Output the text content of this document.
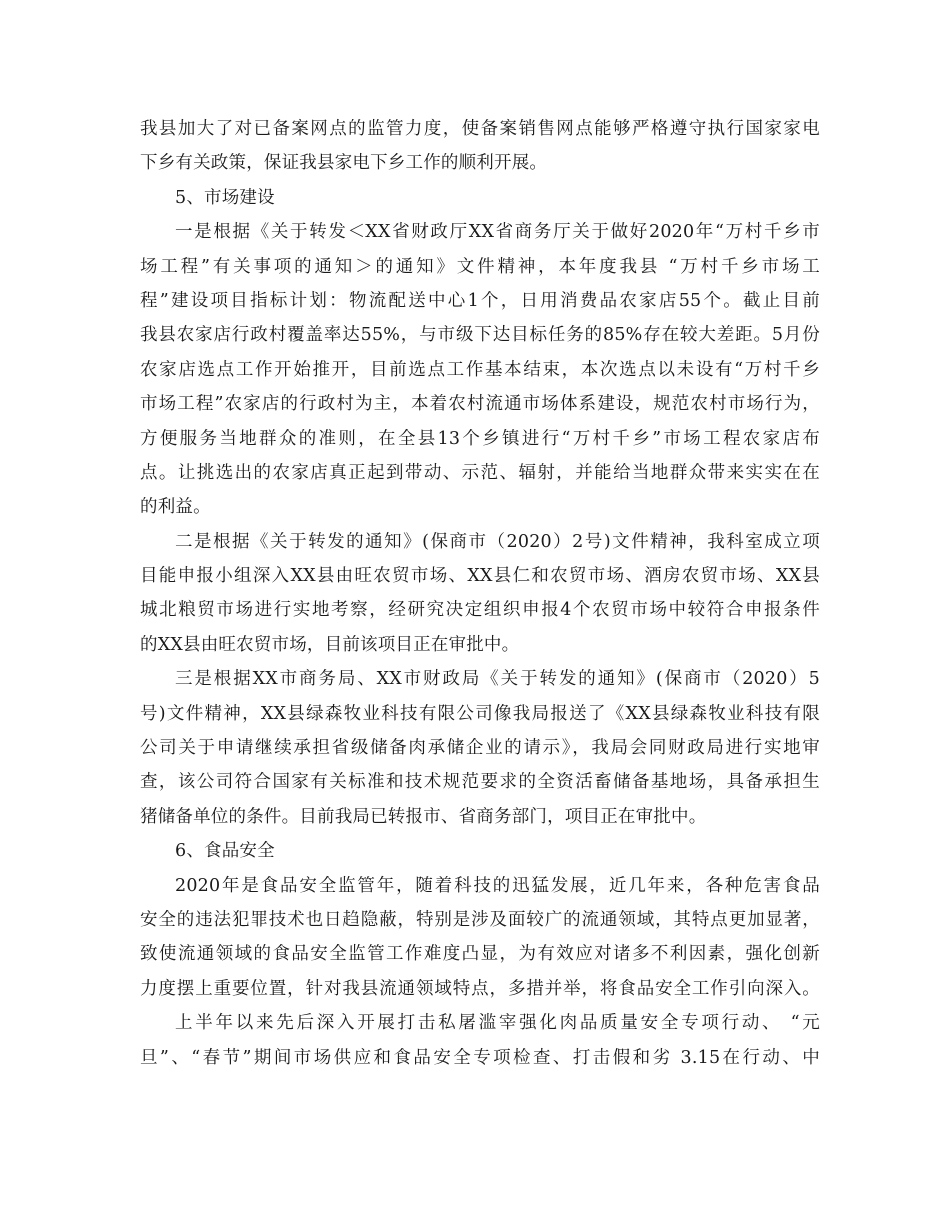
我县加大了对已备案网点的监管力度，使备案销售网点能够严格遵守执行国家家电
下乡有关政策，保证我县家电下乡工作的顺利开展。
5、市场建设
一是根据《关于转发＜XX省财政厅XX省商务厅关于做好2020年“万村千乡市
场工程”有关事项的通知＞的通知》文件精神，本年度我县 “万村千乡市场工
程”建设项目指标计划：物流配送中心1个，日用消费品农家店55个。截止目前
我县农家店行政村覆盖率达55%，与市级下达目标任务的85%存在较大差距。5月份
农家店选点工作开始推开，目前选点工作基本结束，本次选点以未设有“万村千乡
市场工程”农家店的行政村为主，本着农村流通市场体系建设，规范农村市场行为，
方便服务当地群众的准则，在全县13个乡镇进行“万村千乡”市场工程农家店布
点。让挑选出的农家店真正起到带动、示范、辐射，并能给当地群众带来实实在在
的利益。
二是根据《关于转发的通知》(保商市（2020）2号)文件精神，我科室成立项
目能申报小组深入XX县由旺农贸市场、XX县仁和农贸市场、酒房农贸市场、XX县
城北粮贸市场进行实地考察，经研究决定组织申报4个农贸市场中较符合申报条件
的XX县由旺农贸市场，目前该项目正在审批中。
三是根据XX市商务局、XX市财政局《关于转发的通知》(保商市（2020）5
号)文件精神，XX县绿森牧业科技有限公司像我局报送了《XX县绿森牧业科技有限
公司关于申请继续承担省级储备肉承储企业的请示》，我局会同财政局进行实地审
查，该公司符合国家有关标准和技术规范要求的全资活畜储备基地场，具备承担生
猪储备单位的条件。目前我局已转报市、省商务部门，项目正在审批中。
6、食品安全
2020年是食品安全监管年，随着科技的迅猛发展，近几年来，各种危害食品
安全的违法犯罪技术也日趋隐蔽，特别是涉及面较广的流通领域，其特点更加显著，
致使流通领域的食品安全监管工作难度凸显，为有效应对诸多不利因素，强化创新
力度摆上重要位置，针对我县流通领域特点，多措并举，将食品安全工作引向深入。
上半年以来先后深入开展打击私屠滥宰强化肉品质量安全专项行动、 “元
旦”、“春节”期间市场供应和食品安全专项检查、打击假和劣 3.15在行动、中
